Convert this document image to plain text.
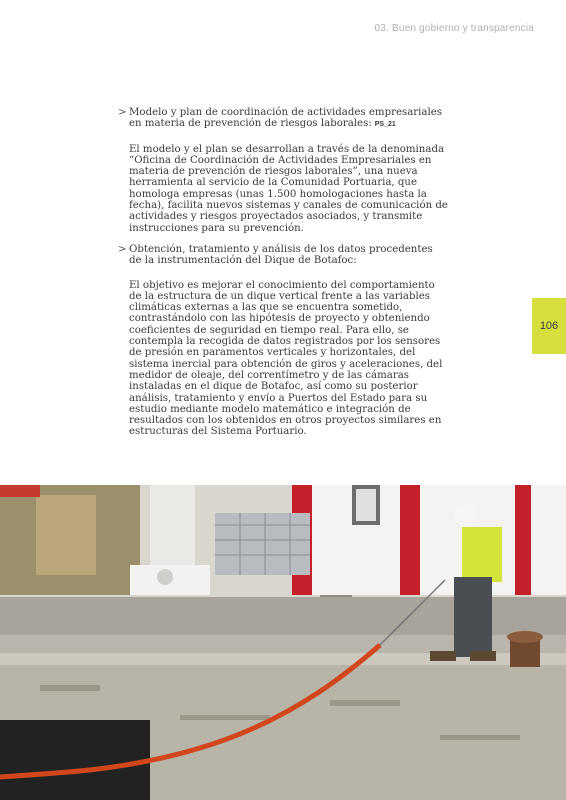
03. Buen gobierno y transparencia
106
> Modelo y plan de coordinación de actividades empresariales en materia de prevención de riesgos laborales: PS_21

El modelo y el plan se desarrollan a través de la denominada “Oficina de Coordinación de Actividades Empresariales en materia de prevención de riesgos laborales”, una nueva herramienta al servicio de la Comunidad Portuaria, que homologa empresas (unas 1.500 homologaciones hasta la fecha), facilita nuevos sistemas y canales de comunicación de actividades y riesgos proyectados asociados, y transmite instrucciones para su prevención.

> Obtención, tratamiento y análisis de los datos procedentes de la instrumentación del Dique de Botafoc:

El objetivo es mejorar el conocimiento del comportamiento de la estructura de un dique vertical frente a las variables climáticas externas a las que se encuentra sometido, contrastándolo con las hipótesis de proyecto y obteniendo coeficientes de seguridad en tiempo real. Para ello, se contempla la recogida de datos registrados por los sensores de presión en paramentos verticales y horizontales, del sistema inercial para obtención de giros y aceleraciones, del medidor de oleaje, del correntímetro y de las cámaras instaladas en el dique de Botafoc, así como su posterior análisis, tratamiento y envío a Puertos del Estado para su estudio mediante modelo matemático e integración de resultados con los obtenidos en otros proyectos similares en estructuras del Sistema Portuario.
